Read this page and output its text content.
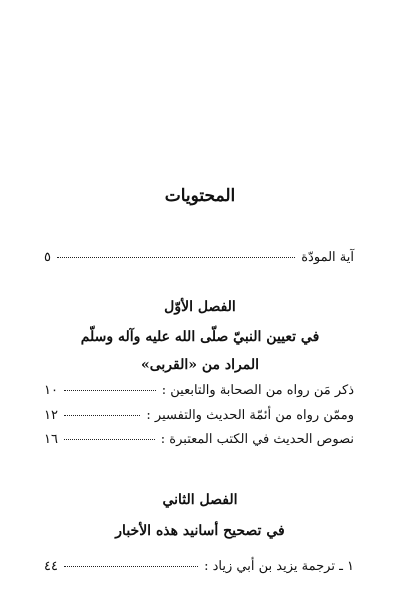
المحتويات
آية المودّة
٥
الفصل الأوّل
في تعيين النبيّ صلّى الله عليه وآله وسلّم
المراد من «القربى»
ذكر مَن رواه من الصحابة والتابعين :
١٠
وممّن رواه من أئمّة الحديث والتفسير :
١٢
نصوص الحديث في الكتب المعتبرة :
١٦
الفصل الثاني
في تصحيح أسانيد هذه الأخبار
١ ـ ترجمة يزيد بن أبي زياد :
٤٤
